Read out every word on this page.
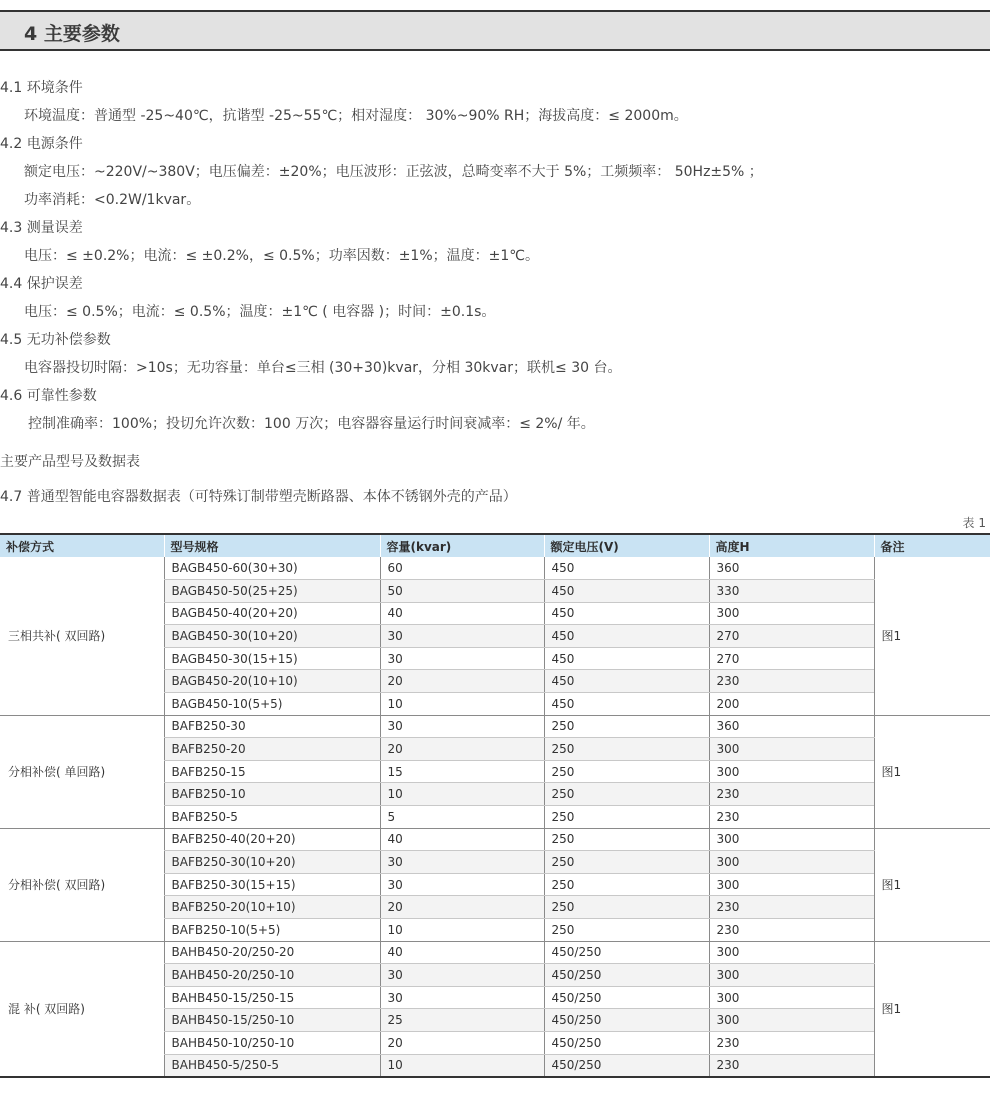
4 主要参数
4.1 环境条件
环境温度：普通型 -25~40℃，抗谐型 -25~55℃；相对湿度： 30%~90% RH；海拔高度：≤ 2000m。
4.2 电源条件
额定电压：~220V/~380V；电压偏差：±20%；电压波形：正弦波，总畸变率不大于 5%；工频频率： 50Hz±5% ；
功率消耗：<0.2W/1kvar。
4.3 测量误差
电压：≤ ±0.2%；电流：≤ ±0.2%，≤ 0.5%；功率因数：±1%；温度：±1℃。
4.4 保护误差
电压：≤ 0.5%；电流：≤ 0.5%；温度：±1℃ ( 电容器 )；时间：±0.1s。
4.5 无功补偿参数
电容器投切时隔：>10s；无功容量：单台≤三相 (30+30)kvar，分相 30kvar；联机≤ 30 台。
4.6 可靠性参数
控制准确率：100%；投切允许次数：100 万次；电容器容量运行时间衰减率：≤ 2%/ 年。
主要产品型号及数据表
4.7 普通型智能电容器数据表（可特殊订制带塑壳断路器、本体不锈钢外壳的产品）
表 1
补偿方式	型号规格	容量(kvar)	额定电压(V)	高度H	备注
三相共补( 双回路)	BAGB450-60(30+30)	60	450	360	图1
	BAGB450-50(25+25)	50	450	330	
	BAGB450-40(20+20)	40	450	300	
	BAGB450-30(10+20)	30	450	270	
	BAGB450-30(15+15)	30	450	270	
	BAGB450-20(10+10)	20	450	230	
	BAGB450-10(5+5)	10	450	200	
分相补偿( 单回路)	BAFB250-30	30	250	360	图1
	BAFB250-20	20	250	300	
	BAFB250-15	15	250	300	
	BAFB250-10	10	250	230	
	BAFB250-5	5	250	230	
分相补偿( 双回路)	BAFB250-40(20+20)	40	250	300	图1
	BAFB250-30(10+20)	30	250	300	
	BAFB250-30(15+15)	30	250	300	
	BAFB250-20(10+10)	20	250	230	
	BAFB250-10(5+5)	10	250	230	
混 补( 双回路)	BAHB450-20/250-20	40	450/250	300	图1
	BAHB450-20/250-10	30	450/250	300	
	BAHB450-15/250-15	30	450/250	300	
	BAHB450-15/250-10	25	450/250	300	
	BAHB450-10/250-10	20	450/250	230	
	BAHB450-5/250-5	10	450/250	230	
